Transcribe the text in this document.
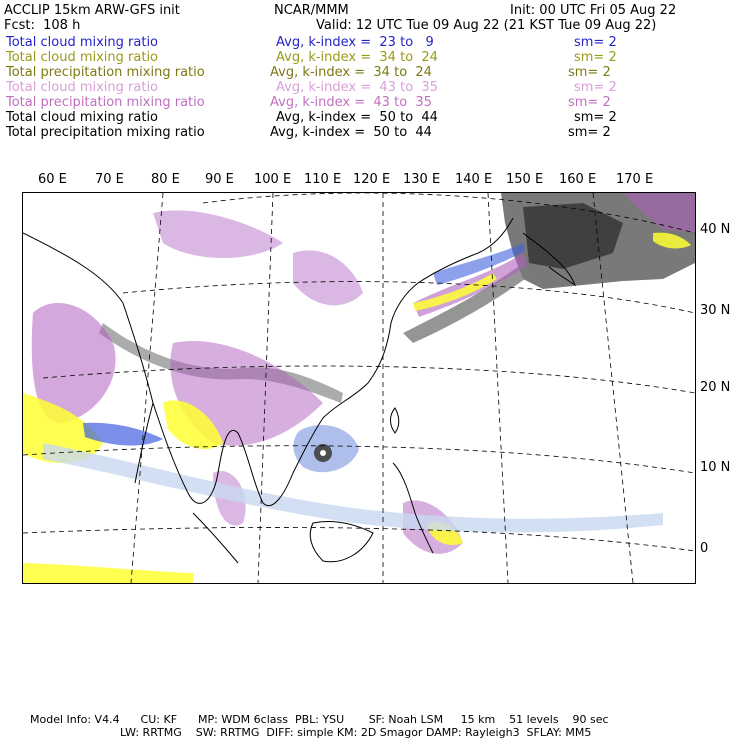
ACCLIP 15km ARW-GFS init	NCAR/MMM	Init: 00 UTC Fri 05 Aug 22
Fcst:  108 h	Valid: 12 UTC Tue 09 Aug 22 (21 KST Tue 09 Aug 22)
Total cloud mixing ratio	Avg, k-index =  23 to   9	sm= 2
Total cloud mixing ratio	Avg, k-index =  34 to  24	sm= 2
Total precipitation mixing ratio	Avg, k-index =  34 to  24	sm= 2
Total cloud mixing ratio	Avg, k-index =  43 to  35	sm= 2
Total precipitation mixing ratio	Avg, k-index =  43 to  35	sm= 2
Total cloud mixing ratio	Avg, k-index =  50 to  44	sm= 2
Total precipitation mixing ratio	Avg, k-index =  50 to  44	sm= 2
60 E 70 E 80 E 90 E 100 E 110 E 120 E 130 E 140 E 150 E 160 E 170 E
40 N
30 N
20 N
10 N
0
Model Info: V4.4      CU: KF      MP: WDM 6class  PBL: YSU       SF: Noah LSM     15 km    51 levels    90 sec
LW: RRTMG    SW: RRTMG  DIFF: simple KM: 2D Smagor DAMP: Rayleigh3  SFLAY: MM5
